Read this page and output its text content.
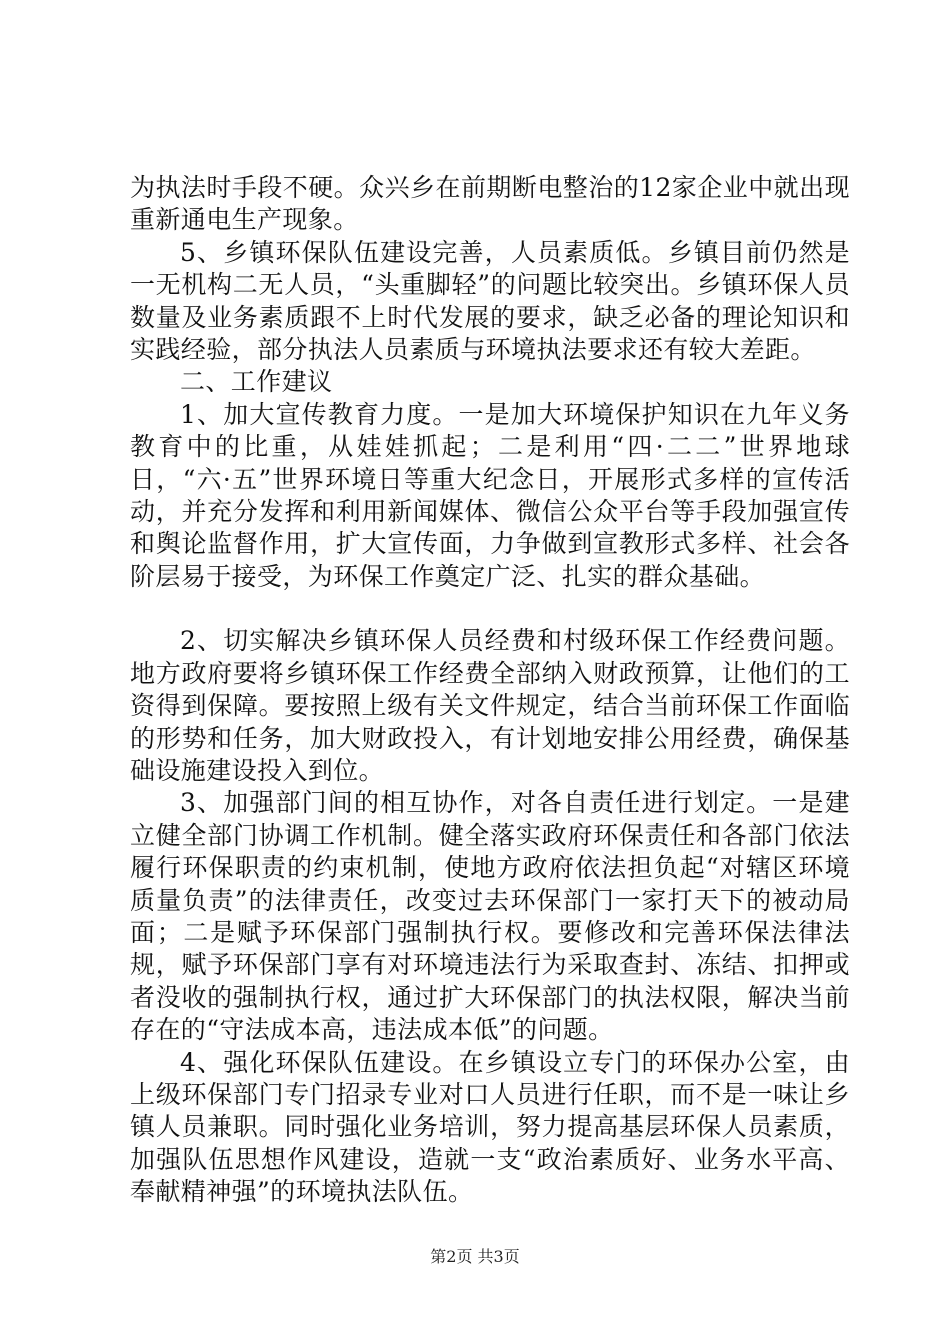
为执法时手段不硬。众兴乡在前期断电整治的12家企业中就出现重新通电生产现象。

5、乡镇环保队伍建设完善，人员素质低。乡镇目前仍然是一无机构二无人员，“头重脚轻”的问题比较突出。乡镇环保人员数量及业务素质跟不上时代发展的要求，缺乏必备的理论知识和实践经验，部分执法人员素质与环境执法要求还有较大差距。

二、工作建议

1、加大宣传教育力度。一是加大环境保护知识在九年义务教育中的比重，从娃娃抓起；二是利用“四·二二”世界地球日，“六·五”世界环境日等重大纪念日，开展形式多样的宣传活动，并充分发挥和利用新闻媒体、微信公众平台等手段加强宣传和舆论监督作用，扩大宣传面，力争做到宣教形式多样、社会各阶层易于接受，为环保工作奠定广泛、扎实的群众基础。

2、切实解决乡镇环保人员经费和村级环保工作经费问题。地方政府要将乡镇环保工作经费全部纳入财政预算，让他们的工资得到保障。要按照上级有关文件规定，结合当前环保工作面临的形势和任务，加大财政投入，有计划地安排公用经费，确保基础设施建设投入到位。

3、加强部门间的相互协作，对各自责任进行划定。一是建立健全部门协调工作机制。健全落实政府环保责任和各部门依法履行环保职责的约束机制，使地方政府依法担负起“对辖区环境质量负责”的法律责任，改变过去环保部门一家打天下的被动局面；二是赋予环保部门强制执行权。要修改和完善环保法律法规，赋予环保部门享有对环境违法行为采取查封、冻结、扣押或者没收的强制执行权，通过扩大环保部门的执法权限，解决当前存在的“守法成本高，违法成本低”的问题。

4、强化环保队伍建设。在乡镇设立专门的环保办公室，由上级环保部门专门招录专业对口人员进行任职，而不是一味让乡镇人员兼职。同时强化业务培训，努力提高基层环保人员素质，加强队伍思想作风建设，造就一支“政治素质好、业务水平高、奉献精神强”的环境执法队伍。

第2页 共3页
